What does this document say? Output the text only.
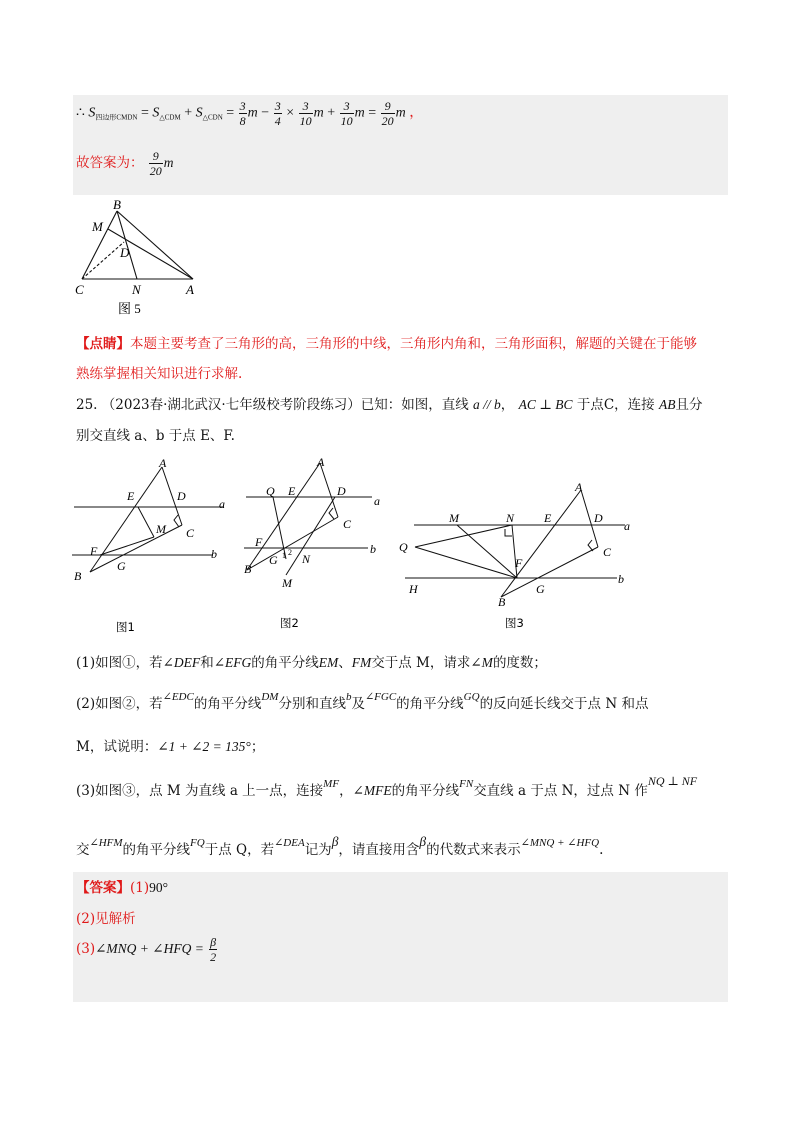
∴ $S_{四边形CMDN} = S_{\triangle CDM} + S_{\triangle CDN} = \frac{3}{8}$ $m - \frac{3}{4} \times \frac{3}{10}$ $m + \frac{3}{10}$ $m = \frac{9}{20}$ m ，
故答案为： $\frac{9}{20}$ m
B
M
D
C	N	A
图 5
【点睛】本题主要考查了三角形的高，三角形的中线，三角形内角和，三角形面积，解题的关键在于能够
熟练掌握相关知识进行求解.
25. （2023春·湖北武汉·七年级校考阶段练习）已知：如图，直线 a // b， AC ⊥ BC 于点C，连接 AB且分
别交直线 a、b 于点 E、F.
A
E	D
a
M C
F
G
B
b
图1
A
Q E	D
a
C
F	b
B
G 1 2 N
M
图2
A
M	N E	D
a
Q	C
F
H	G
b
B
图3
(1)如图①，若∠DEF和∠EFG的角平分线EM、FM交于点 M，请求∠M的度数；
(2)如图②，若$^{\angle EDC}$的角平分线$^{DM}$分别和直线$^b$及$^{\angle FGC}$的角平分线$^{GQ}$的反向延长线交于点 N 和点
M，试说明：∠1 + ∠2 = 135°；
(3)如图③，点 M 为直线 a 上一点，连接$^{MF}$，∠MFE的角平分线$^{FN}$交直线 a 于点 N，过点 N 作NQ ⊥ NF
交$^{\angle HFM}$的角平分线$^{FQ}$于点 Q，若$^{\angle DEA}$记为β，请直接用含β的代数式来表示$^{\angle MNQ + \angle HFQ}$.
【答案】(1)90°
(2)见解析
(3)∠MNQ + ∠HFQ = $\frac{\beta}{2}$
